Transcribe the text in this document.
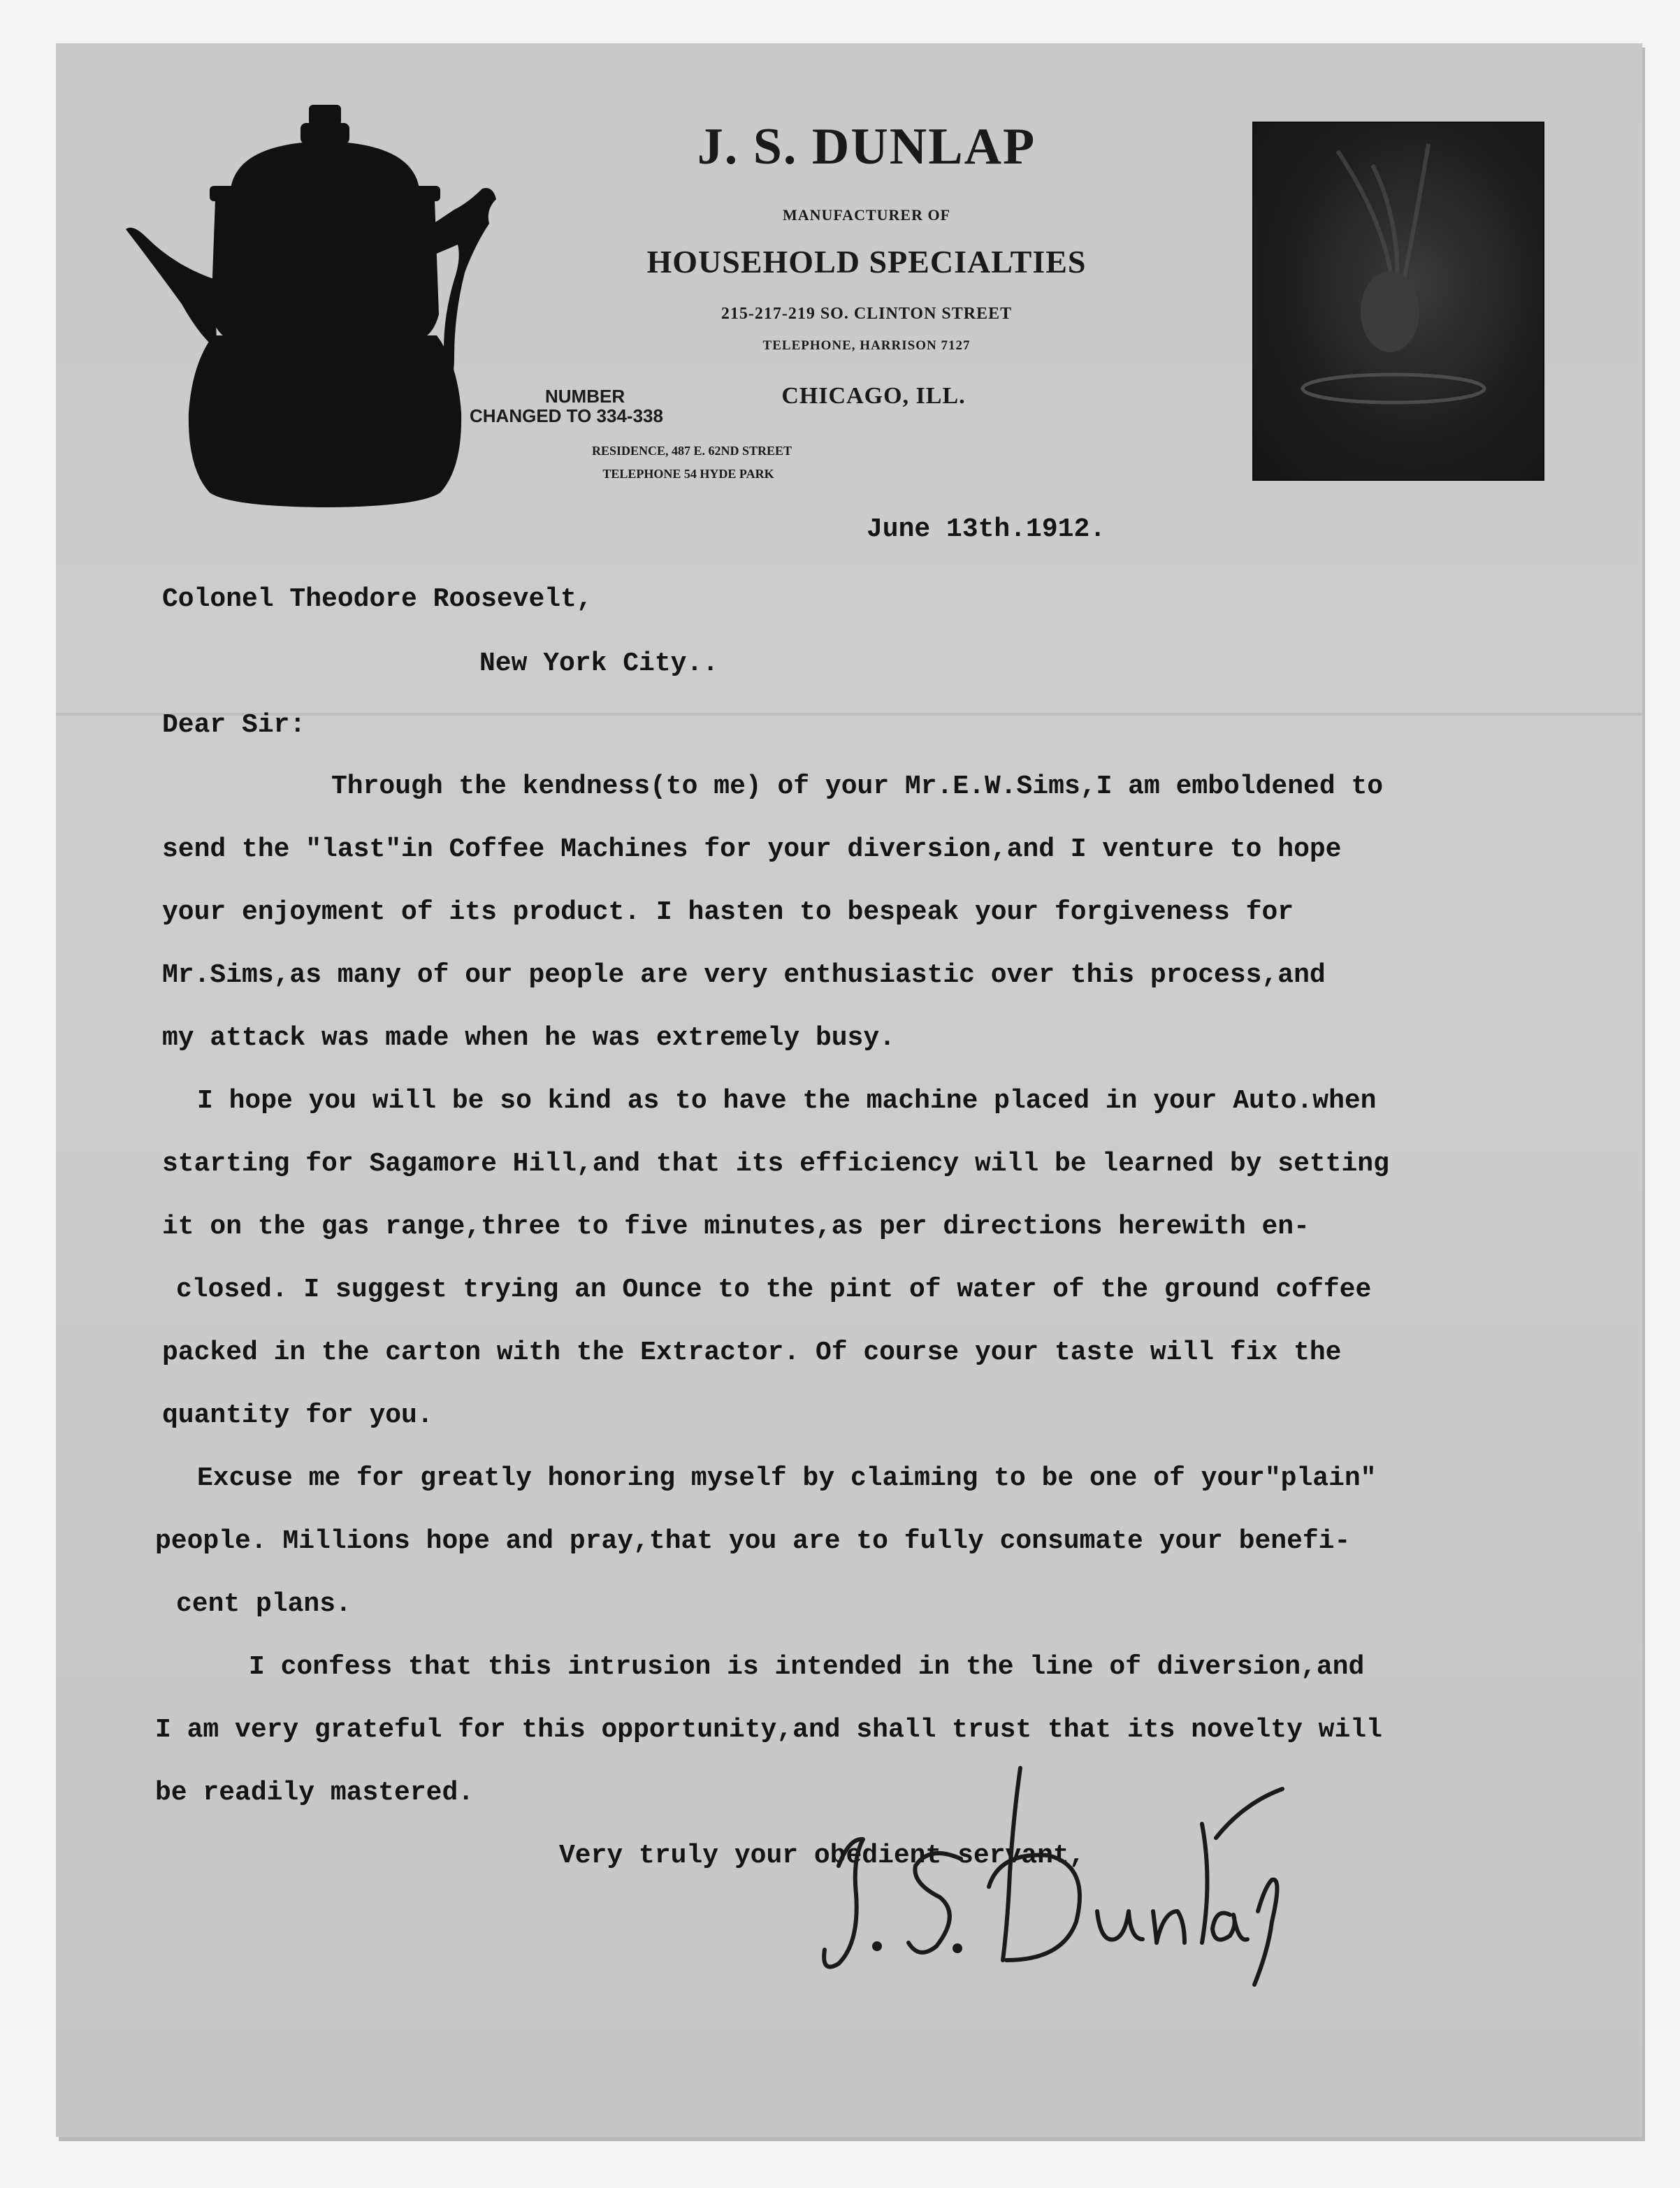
J. S. DUNLAP
MANUFACTURER OF
HOUSEHOLD SPECIALTIES
215-217-219 SO. CLINTON STREET
TELEPHONE, HARRISON 7127
CHICAGO, ILL.
NUMBER
CHANGED TO 334-338
RESIDENCE, 487 E. 62ND STREET
TELEPHONE 54 HYDE PARK
June 13th.1912.
Colonel Theodore Roosevelt,
New York City..
Dear Sir:
Through the kendness(to me) of your Mr.E.W.Sims,I am emboldened to
send the "last"in Coffee Machines for your diversion,and I venture to hope
your enjoyment of its product. I hasten to bespeak your forgiveness for
Mr.Sims,as many of our people are very enthusiastic over this process,and
my attack was made when he was extremely busy.
I hope you will be so kind as to have the machine placed in your Auto.when
starting for Sagamore Hill,and that its efficiency will be learned by setting
it on the gas range,three to five minutes,as per directions herewith en-
closed. I suggest trying an Ounce to the pint of water of the ground coffee
packed in the carton with the Extractor. Of course your taste will fix the
quantity for you.
Excuse me for greatly honoring myself by claiming to be one of your"plain"
people. Millions hope and pray,that you are to fully consumate your benefi-
cent plans.
I confess that this intrusion is intended in the line of diversion,and
I am very grateful for this opportunity,and shall trust that its novelty will
be readily mastered.
Very truly your obedient servant,
